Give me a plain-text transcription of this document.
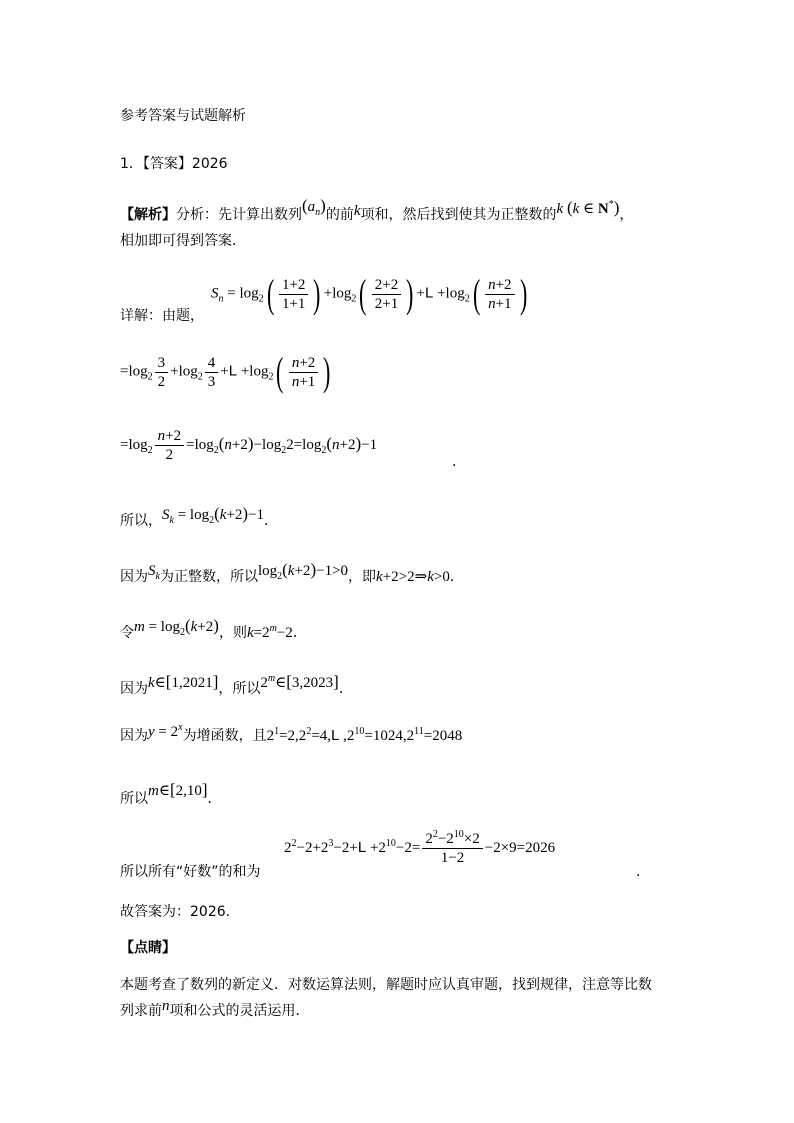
参考答案与试题解析
1．【答案】2026
【解析】分析：先计算出数列$(a_n)$的前k项和，然后找到使其为正整数的k (k ∈ N*)，
相加即可得到答案．
详解：由题，
$S_n = \log_2$ ( $\frac{1+2}{1+1}$ ) $+\log_2$ ( $\frac{2+2}{2+1}$ ) $+L +\log_2$ ( $\frac{n+2}{n+1}$ )
$=\log_2 \frac{3}{2} +\log_2 \frac{4}{3} +L +\log_2$ ( $\frac{n+2}{n+1}$ )
$=\log_2 \frac{n+2}{2} =\log_2(n+2)-\log_22=\log_2(n+2)-1$
.
所以，$S_k = \log_2(k+2)-1$．
因为$S_k$为正整数，所以$\log_2(k+2)-1>0$，即k+2>2⇒k>0．
令$m = \log_2(k+2)$，则$k=2^m-2$．
因为k∈[1,2021]，所以2$^m$∈[3,2023]．
因为$y = 2^x$为增函数，且$2^1=2,2^2=4,L$ $,2^{10}=1024,2^{11}=2048$
所以m∈[2,10]．
所以所有“好数”的和为
$2^2-2+2^3-2+L +2^{10}-2= \frac{2^2-2^{10}\times 2}{1-2} -2\times 9=2026$
.
故答案为：2026.
【点睛】
本题考查了数列的新定义．对数运算法则，解题时应认真审题，找到规律，注意等比数
列求前n项和公式的灵活运用．
